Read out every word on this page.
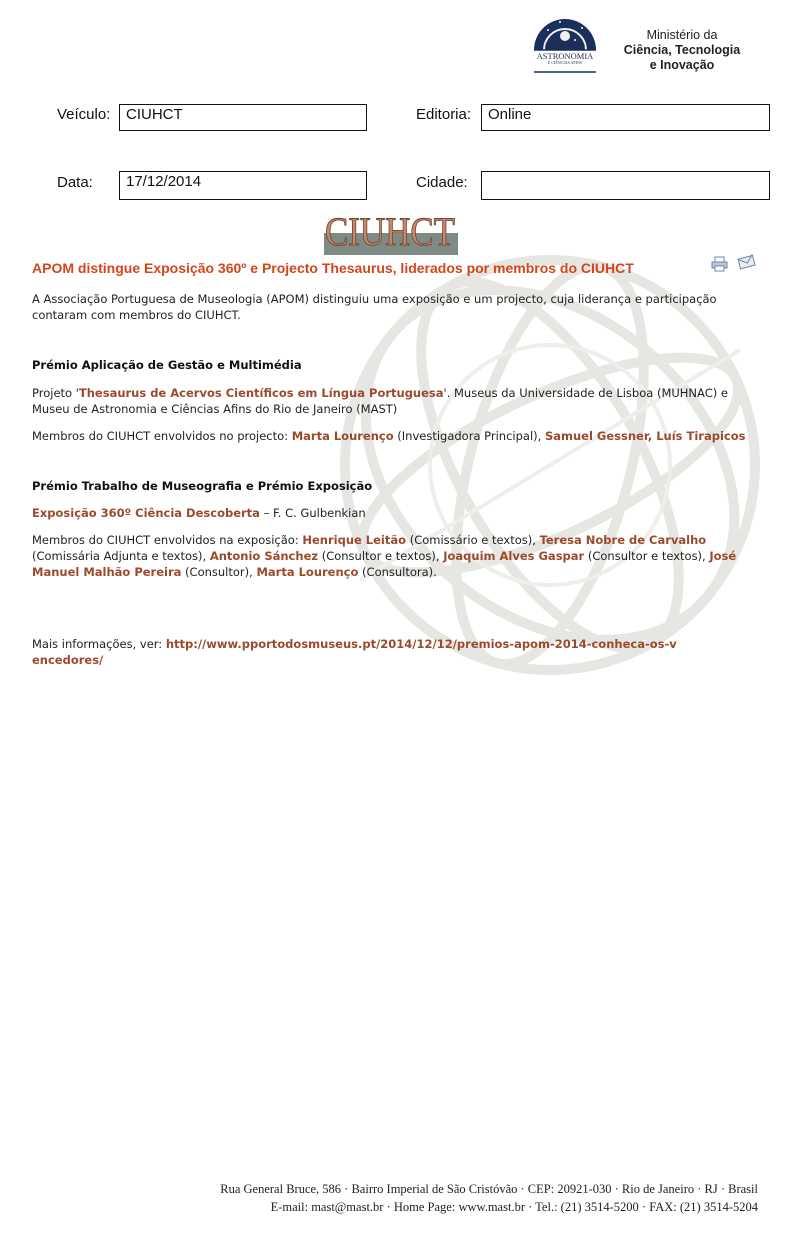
MUSEU DE
ASTRONOMIA
E CIÊNCIAS AFINS
Ministério da
Ciência, Tecnologia
e Inovação
Veículo:	CIUHCT	Editoria:	Online
Data:	17/12/2014	Cidade:
CIUHCT
APOM distingue Exposição 360º e Projecto Thesaurus, liderados por membros do CIUHCT

A Associação Portuguesa de Museologia (APOM) distinguiu uma exposição e um projecto, cuja liderança e participação contaram com membros do CIUHCT.

Prémio Aplicação de Gestão e Multimédia

Projeto 'Thesaurus de Acervos Científicos em Língua Portuguesa'. Museus da Universidade de Lisboa (MUHNAC) e Museu de Astronomia e Ciências Afins do Rio de Janeiro (MAST)

Membros do CIUHCT envolvidos no projecto: Marta Lourenço (Investigadora Principal), Samuel Gessner, Luís Tirapicos

Prémio Trabalho de Museografia e Prémio Exposição

Exposição 360º Ciência Descoberta – F. C. Gulbenkian

Membros do CIUHCT envolvidos na exposição: Henrique Leitão (Comissário e textos), Teresa Nobre de Carvalho (Comissária Adjunta e textos), Antonio Sánchez (Consultor e textos), Joaquim Alves Gaspar (Consultor e textos), José Manuel Malhão Pereira (Consultor), Marta Lourenço (Consultora).

Mais informações, ver: http://www.pportodosmuseus.pt/2014/12/12/premios-apom-2014-conheca-os-vencedores/

Rua General Bruce, 586 · Bairro Imperial de São Cristóvão · CEP: 20921-030 · Rio de Janeiro · RJ · Brasil
E-mail: mast@mast.br · Home Page: www.mast.br · Tel.: (21) 3514-5200 · FAX: (21) 3514-5204
